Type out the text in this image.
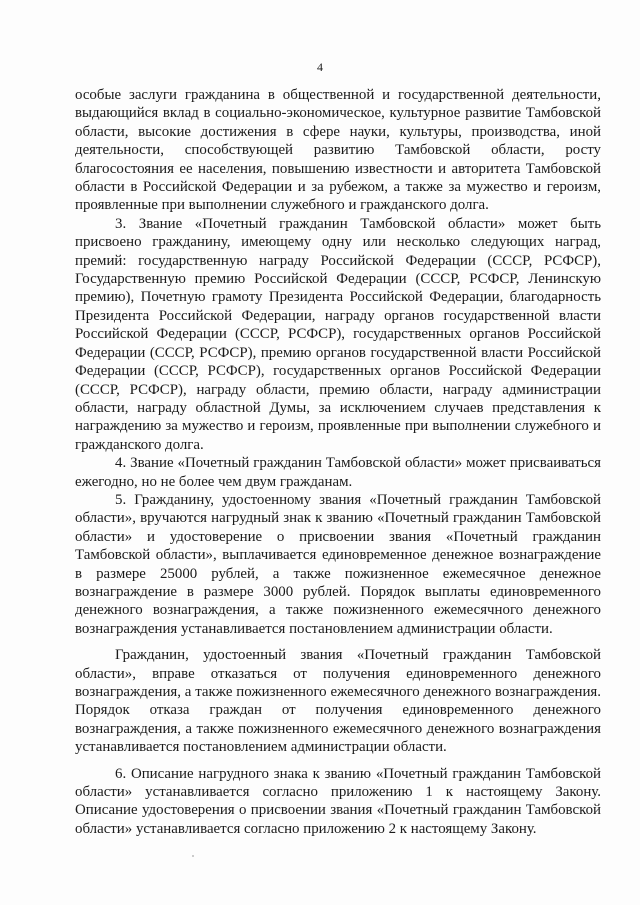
4

особые заслуги гражданина в общественной и государственной деятельности, выдающийся вклад в социально-экономическое, культурное развитие Тамбовской области, высокие достижения в сфере науки, культуры, производства, иной деятельности, способствующей развитию Тамбовской области, росту благосостояния ее населения, повышению известности и авторитета Тамбовской области в Российской Федерации и за рубежом, а также за мужество и героизм, проявленные при выполнении служебного и гражданского долга.

3. Звание «Почетный гражданин Тамбовской области» может быть присвоено гражданину, имеющему одну или несколько следующих наград, премий: государственную награду Российской Федерации (СССР, РСФСР), Государственную премию Российской Федерации (СССР, РСФСР, Ленинскую премию), Почетную грамоту Президента Российской Федерации, благодарность Президента Российской Федерации, награду органов государственной власти Российской Федерации (СССР, РСФСР), государственных органов Российской Федерации (СССР, РСФСР), премию органов государственной власти Российской Федерации (СССР, РСФСР), государственных органов Российской Федерации (СССР, РСФСР), награду области, премию области, награду администрации области, награду областной Думы, за исключением случаев представления к награждению за мужество и героизм, проявленные при выполнении служебного и гражданского долга.

4. Звание «Почетный гражданин Тамбовской области» может присваиваться ежегодно, но не более чем двум гражданам.

5. Гражданину, удостоенному звания «Почетный гражданин Тамбовской области», вручаются нагрудный знак к званию «Почетный гражданин Тамбовской области» и удостоверение о присвоении звания «Почетный гражданин Тамбовской области», выплачивается единовременное денежное вознаграждение в размере 25000 рублей, а также пожизненное ежемесячное денежное вознаграждение в размере 3000 рублей. Порядок выплаты единовременного денежного вознаграждения, а также пожизненного ежемесячного денежного вознаграждения устанавливается постановлением администрации области.

Гражданин, удостоенный звания «Почетный гражданин Тамбовской области», вправе отказаться от получения единовременного денежного вознаграждения, а также пожизненного ежемесячного денежного вознаграждения. Порядок отказа граждан от получения единовременного денежного вознаграждения, а также пожизненного ежемесячного денежного вознаграждения устанавливается постановлением администрации области.

6. Описание нагрудного знака к званию «Почетный гражданин Тамбовской области» устанавливается согласно приложению 1 к настоящему Закону. Описание удостоверения о присвоении звания «Почетный гражданин Тамбовской области» устанавливается согласно приложению 2 к настоящему Закону.
